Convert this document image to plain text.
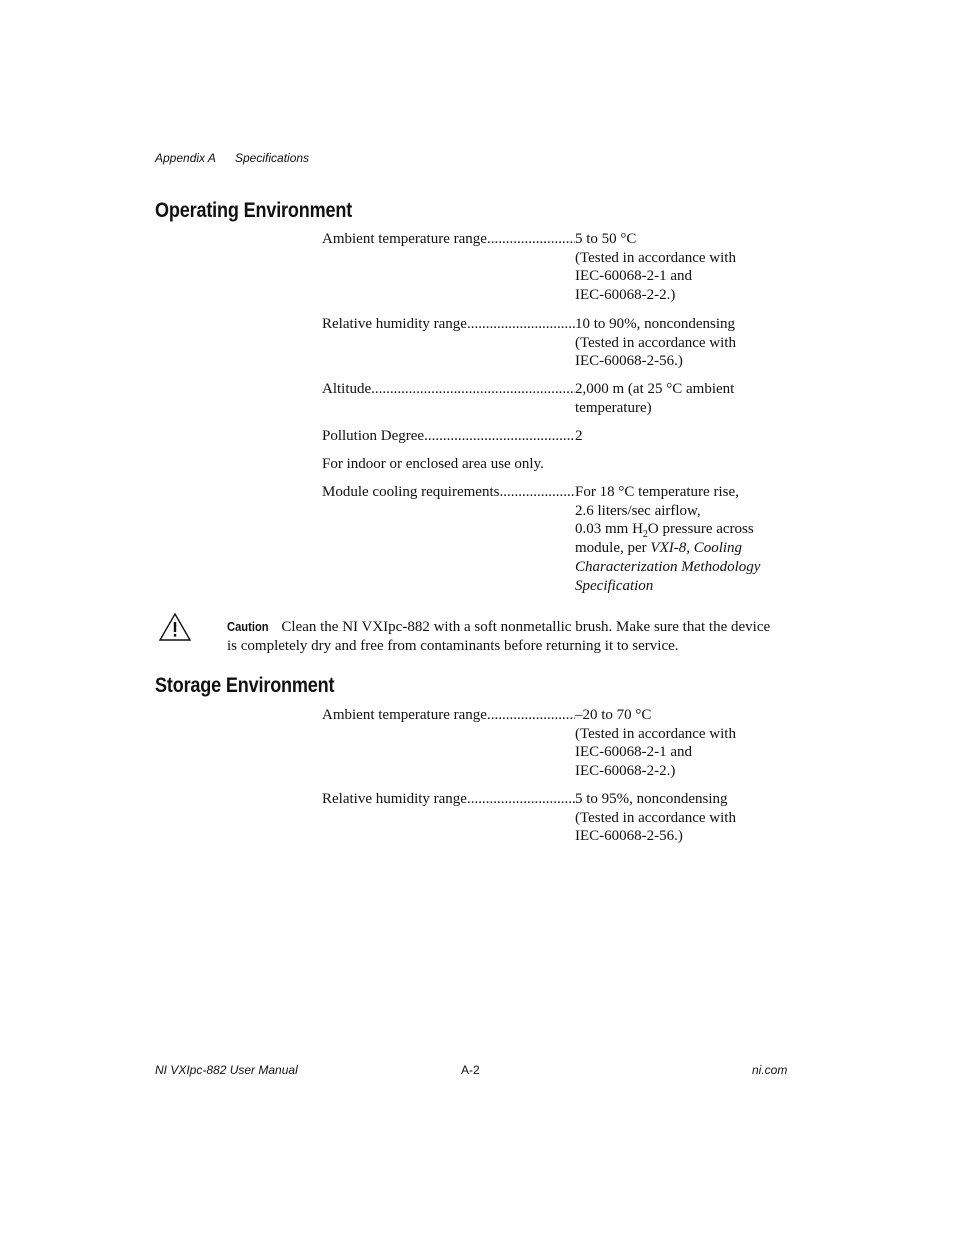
Appendix A Specifications
Operating Environment
Ambient temperature range .....	5 to 50 °C
(Tested in accordance with
IEC-60068-2-1 and
IEC-60068-2-2.)
Relative humidity range .....	10 to 90%, noncondensing
(Tested in accordance with
IEC-60068-2-56.)
Altitude .....	2,000 m (at 25 °C ambient
temperature)
Pollution Degree .....	2
For indoor or enclosed area use only.
Module cooling requirements .....	For 18 °C temperature rise,
2.6 liters/sec airflow,
0.03 mm $H_2O$ pressure across
module, per VXI-8, Cooling
Characterization Methodology
Specification
Caution Clean the NI VXIpc-882 with a soft nonmetallic brush. Make sure that the device
is completely dry and free from contaminants before returning it to service.
Storage Environment
Ambient temperature range .....	–20 to 70 °C
(Tested in accordance with
IEC-60068-2-1 and
IEC-60068-2-2.)
Relative humidity range .....	5 to 95%, noncondensing
(Tested in accordance with
IEC-60068-2-56.)
NI VXIpc-882 User Manual	A-2	ni.com
